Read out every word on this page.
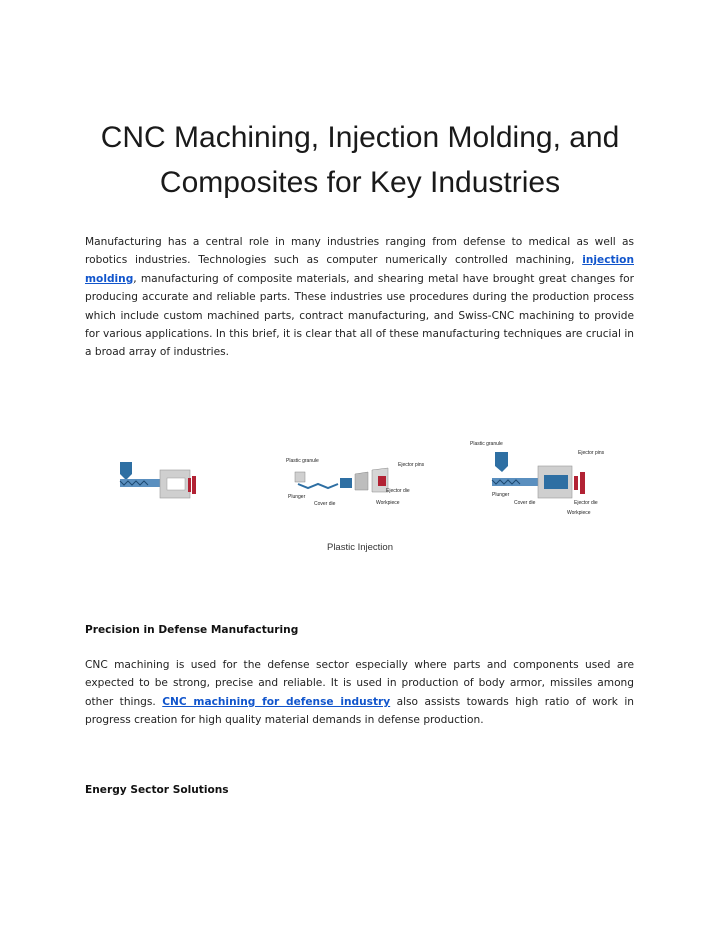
CNC Machining, Injection Molding, and Composites for Key Industries

Manufacturing has a central role in many industries ranging from defense to medical as well as robotics industries. Technologies such as computer numerically controlled machining, injection molding, manufacturing of composite materials, and shearing metal have brought great changes for producing accurate and reliable parts. These industries use procedures during the production process which include custom machined parts, contract manufacturing, and Swiss-CNC machining to provide for various applications. In this brief, it is clear that all of these manufacturing techniques are crucial in a broad array of industries.

Plastic granule
Ejector pins
Ejector die
Plunger
Cover die	Workpiece
Plastic granule
Ejector pins
Ejector die
Plunger
Cover die
Workpiece
Plastic Injection
Precision in Defense Manufacturing

CNC machining is used for the defense sector especially where parts and components used are expected to be strong, precise and reliable. It is used in production of body armor, missiles among other things. CNC machining for defense industry also assists towards high ratio of work in progress creation for high quality material demands in defense production.

Energy Sector Solutions
